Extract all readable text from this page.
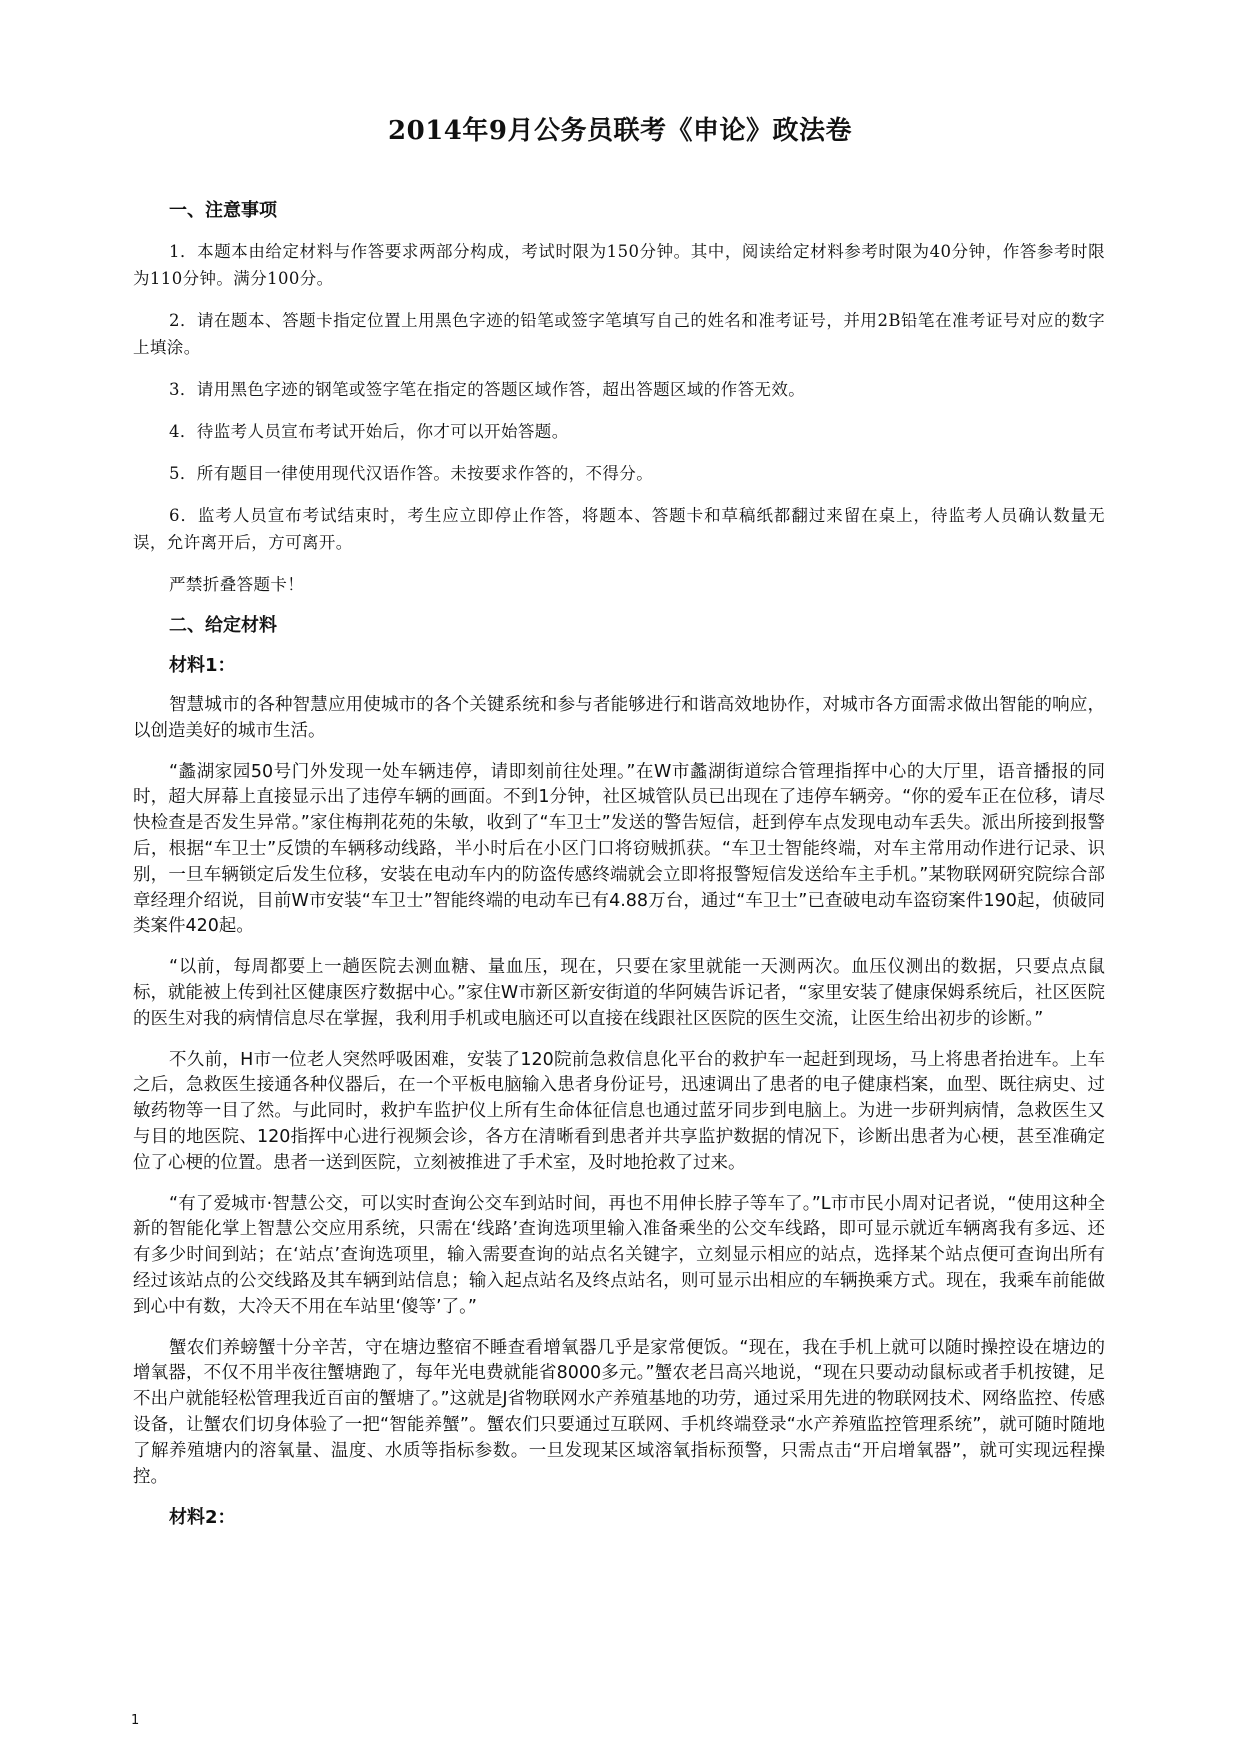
2014年9月公务员联考《申论》政法卷
一、注意事项

1．本题本由给定材料与作答要求两部分构成，考试时限为150分钟。其中，阅读给定材料参考时限为40分钟，作答参考时限为110分钟。满分100分。

2．请在题本、答题卡指定位置上用黑色字迹的铅笔或签字笔填写自己的姓名和准考证号，并用2B铅笔在准考证号对应的数字上填涂。

3．请用黑色字迹的钢笔或签字笔在指定的答题区域作答，超出答题区域的作答无效。

4．待监考人员宣布考试开始后，你才可以开始答题。

5．所有题目一律使用现代汉语作答。未按要求作答的，不得分。

6．监考人员宣布考试结束时，考生应立即停止作答，将题本、答题卡和草稿纸都翻过来留在桌上，待监考人员确认数量无误，允许离开后，方可离开。

严禁折叠答题卡！

二、给定材料
材料1：

智慧城市的各种智慧应用使城市的各个关键系统和参与者能够进行和谐高效地协作，对城市各方面需求做出智能的响应，以创造美好的城市生活。

“蠡湖家园50号门外发现一处车辆违停，请即刻前往处理。”在W市蠡湖街道综合管理指挥中心的大厅里，语音播报的同时，超大屏幕上直接显示出了违停车辆的画面。不到1分钟，社区城管队员已出现在了违停车辆旁。“你的爱车正在位移，请尽快检查是否发生异常。”家住梅荆花苑的朱敏，收到了“车卫士”发送的警告短信，赶到停车点发现电动车丢失。派出所接到报警后，根据“车卫士”反馈的车辆移动线路，半小时后在小区门口将窃贼抓获。“车卫士智能终端，对车主常用动作进行记录、识别，一旦车辆锁定后发生位移，安装在电动车内的防盗传感终端就会立即将报警短信发送给车主手机。”某物联网研究院综合部章经理介绍说，目前W市安装“车卫士”智能终端的电动车已有4.88万台，通过“车卫士”已查破电动车盗窃案件190起，侦破同类案件420起。

“以前，每周都要上一趟医院去测血糖、量血压，现在，只要在家里就能一天测两次。血压仪测出的数据，只要点点鼠标，就能被上传到社区健康医疗数据中心。”家住W市新区新安街道的华阿姨告诉记者，“家里安装了健康保姆系统后，社区医院的医生对我的病情信息尽在掌握，我利用手机或电脑还可以直接在线跟社区医院的医生交流，让医生给出初步的诊断。”

不久前，H市一位老人突然呼吸困难，安装了120院前急救信息化平台的救护车一起赶到现场，马上将患者抬进车。上车之后，急救医生接通各种仪器后，在一个平板电脑输入患者身份证号，迅速调出了患者的电子健康档案，血型、既往病史、过敏药物等一目了然。与此同时，救护车监护仪上所有生命体征信息也通过蓝牙同步到电脑上。为进一步研判病情，急救医生又与目的地医院、120指挥中心进行视频会诊，各方在清晰看到患者并共享监护数据的情况下，诊断出患者为心梗，甚至准确定位了心梗的位置。患者一送到医院，立刻被推进了手术室，及时地抢救了过来。

“有了爱城市·智慧公交，可以实时查询公交车到站时间，再也不用伸长脖子等车了。”L市市民小周对记者说，“使用这种全新的智能化掌上智慧公交应用系统，只需在‘线路’查询选项里输入准备乘坐的公交车线路，即可显示就近车辆离我有多远、还有多少时间到站；在‘站点’查询选项里，输入需要查询的站点名关键字，立刻显示相应的站点，选择某个站点便可查询出所有经过该站点的公交线路及其车辆到站信息；输入起点站名及终点站名，则可显示出相应的车辆换乘方式。现在，我乘车前能做到心中有数，大冷天不用在车站里‘傻等’了。”

蟹农们养螃蟹十分辛苦，守在塘边整宿不睡查看增氧器几乎是家常便饭。“现在，我在手机上就可以随时操控设在塘边的增氧器，不仅不用半夜往蟹塘跑了，每年光电费就能省8000多元。”蟹农老吕高兴地说，“现在只要动动鼠标或者手机按键，足不出户就能轻松管理我近百亩的蟹塘了。”这就是J省物联网水产养殖基地的功劳，通过采用先进的物联网技术、网络监控、传感设备，让蟹农们切身体验了一把“智能养蟹”。蟹农们只要通过互联网、手机终端登录“水产养殖监控管理系统”，就可随时随地了解养殖塘内的溶氧量、温度、水质等指标参数。一旦发现某区域溶氧指标预警，只需点击“开启增氧器”，就可实现远程操控。

材料2：
1
